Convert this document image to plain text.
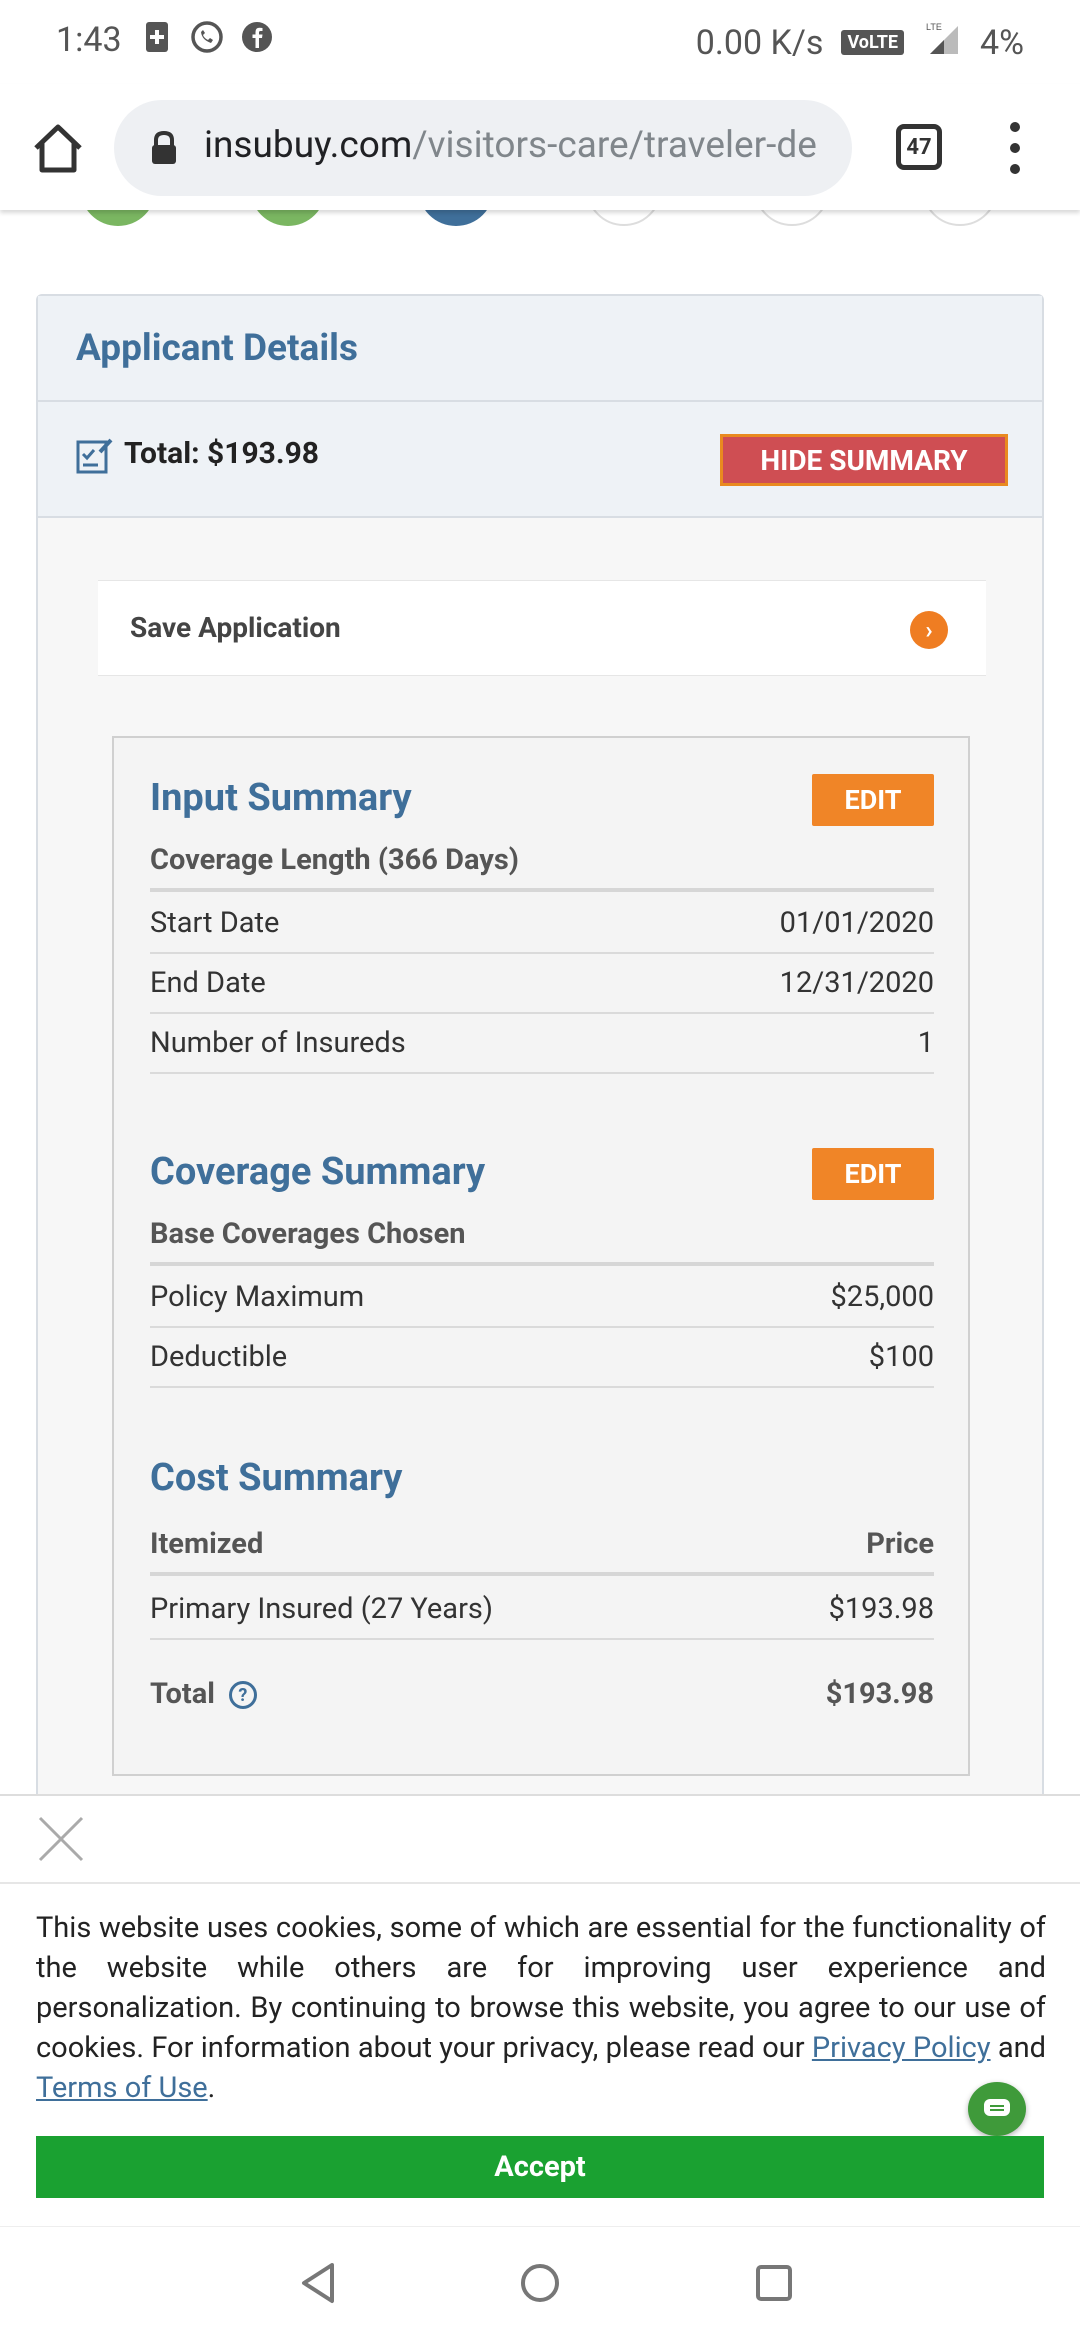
1:43	0.00 K/s	VoLTE
LTE 4%
insubuy.com/visitors-care/traveler-de	47
Applicant Details
Total: $193.98	HIDE SUMMARY
Save Application	›
Input Summary	EDIT
Coverage Length (366 Days)
Start Date	01/01/2020
End Date	12/31/2020
Number of Insureds	1
Coverage Summary	EDIT
Base Coverages Chosen
Policy Maximum	$25,000
Deductible	$100
Cost Summary
Itemized	Price
Primary Insured (27 Years)	$193.98
Total ?	$193.98

This website uses cookies, some of which are essential for the functionality of the website while others are for improving user experience and personalization. By continuing to browse this website, you agree to our use of cookies. For information about your privacy, please read our Privacy Policy and Terms of Use.

Accept
